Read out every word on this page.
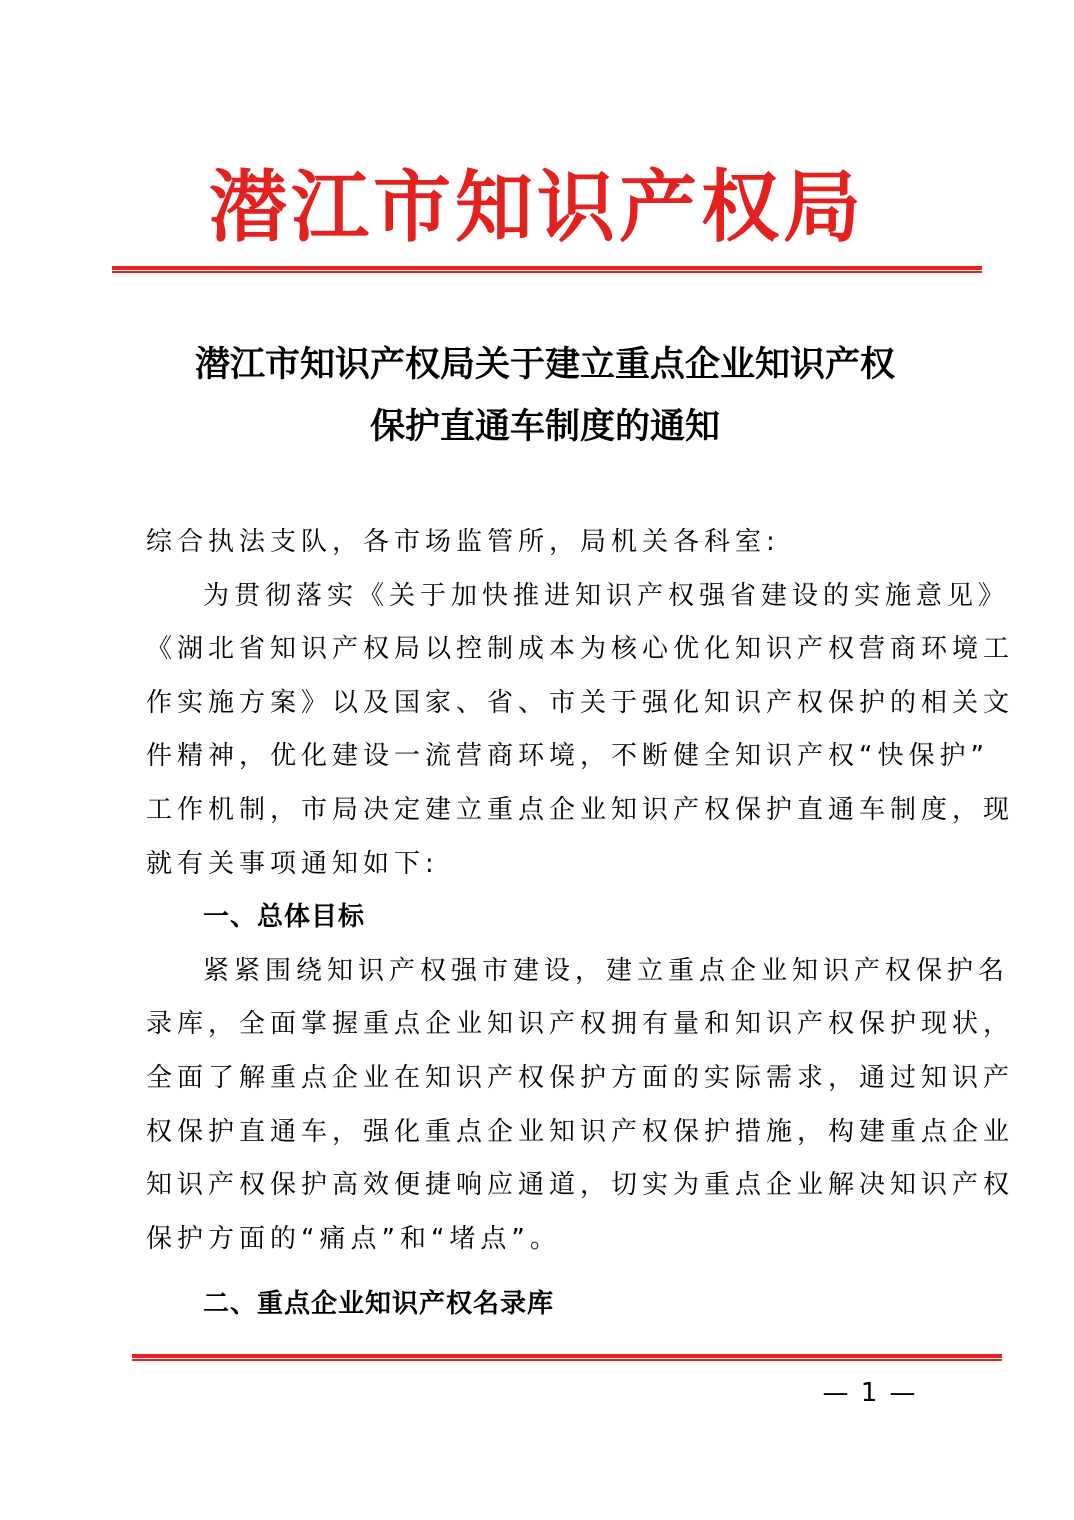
潜江市知识产权局
潜江市知识产权局关于建立重点企业知识产权
保护直通车制度的通知
综合执法支队，各市场监管所，局机关各科室:
为贯彻落实《关于加快推进知识产权强省建设的实施意见》
《湖北省知识产权局以控制成本为核心优化知识产权营商环境工
作实施方案》以及国家、省、市关于强化知识产权保护的相关文
件精神，优化建设一流营商环境，不断健全知识产权“快保护”
工作机制，市局决定建立重点企业知识产权保护直通车制度，现
就有关事项通知如下:
一、总体目标
紧紧围绕知识产权强市建设，建立重点企业知识产权保护名
录库，全面掌握重点企业知识产权拥有量和知识产权保护现状，
全面了解重点企业在知识产权保护方面的实际需求，通过知识产
权保护直通车，强化重点企业知识产权保护措施，构建重点企业
知识产权保护高效便捷响应通道，切实为重点企业解决知识产权
保护方面的“痛点”和“堵点”。
二、重点企业知识产权名录库
— 1 —
